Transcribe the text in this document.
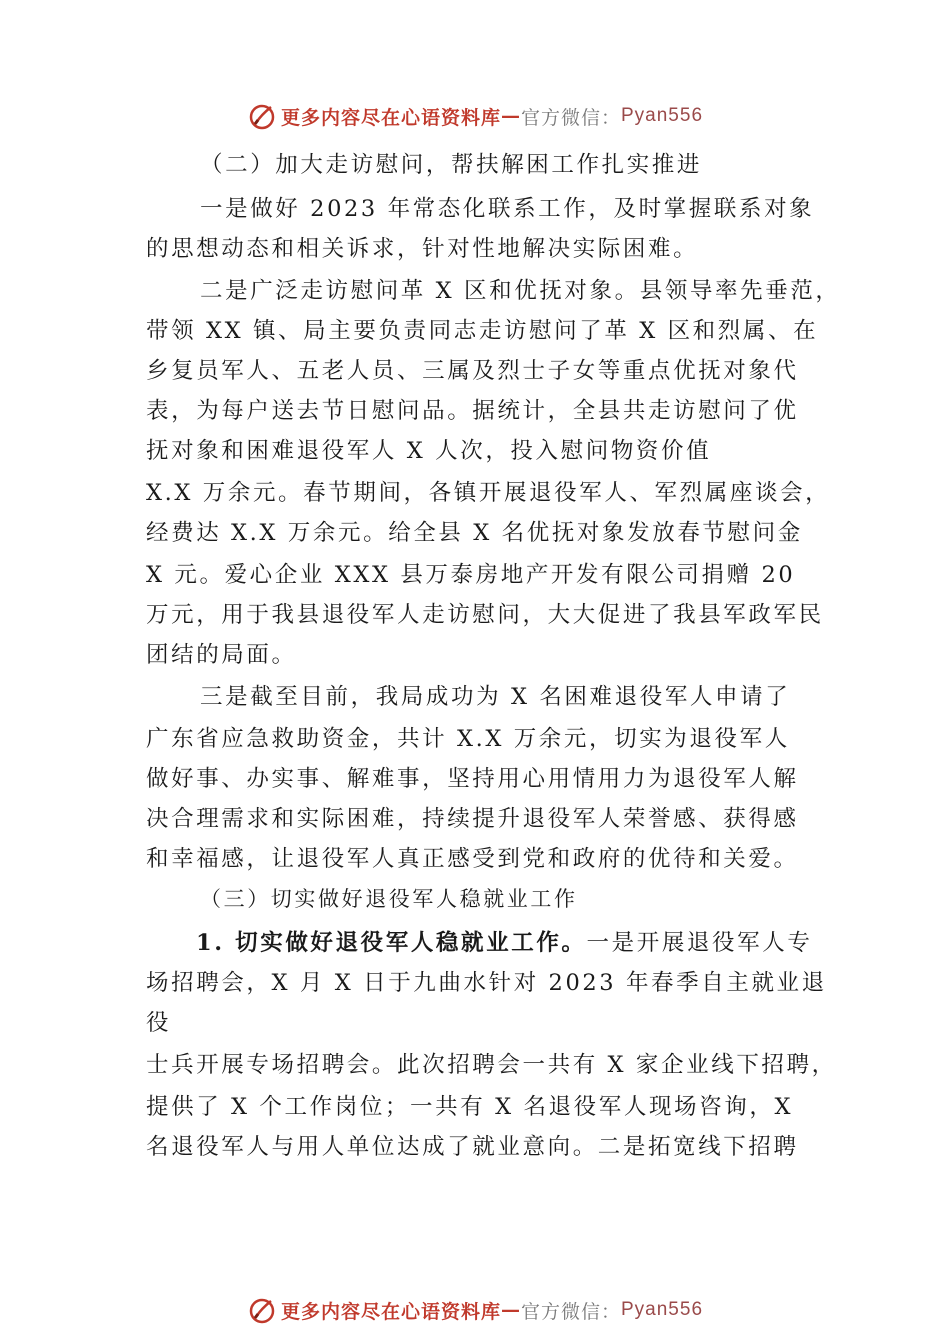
更多内容尽在心语资料库 — 官方微信： Pyan556
（二）加大走访慰问，帮扶解困工作扎实推进
一是做好 2023 年常态化联系工作，及时掌握联系对象
的思想动态和相关诉求，针对性地解决实际困难。
二是广泛走访慰问革 X 区和优抚对象。县领导率先垂范，
带领 XX 镇、局主要负责同志走访慰问了革 X 区和烈属、在
乡复员军人、五老人员、三属及烈士子女等重点优抚对象代
表，为每户送去节日慰问品。据统计，全县共走访慰问了优
抚对象和困难退役军人 X 人次，投入慰问物资价值
X.X 万余元。春节期间，各镇开展退役军人、军烈属座谈会，
经费达 X.X 万余元。给全县 X 名优抚对象发放春节慰问金
X 元。爱心企业 XXX 县万泰房地产开发有限公司捐赠 20
万元，用于我县退役军人走访慰问，大大促进了我县军政军民
团结的局面。
三是截至目前，我局成功为 X 名困难退役军人申请了
广东省应急救助资金，共计 X.X 万余元，切实为退役军人
做好事、办实事、解难事，坚持用心用情用力为退役军人解
决合理需求和实际困难，持续提升退役军人荣誉感、获得感
和幸福感，让退役军人真正感受到党和政府的优待和关爱。
（三）切实做好退役军人稳就业工作
1. 切实做好退役军人稳就业工作。一是开展退役军人专
场招聘会，X 月 X 日于九曲水针对 2023 年春季自主就业退
役
士兵开展专场招聘会。此次招聘会一共有 X 家企业线下招聘，
提供了 X 个工作岗位；一共有 X 名退役军人现场咨询，X
名退役军人与用人单位达成了就业意向。二是拓宽线下招聘
更多内容尽在心语资料库 — 官方微信： Pyan556
